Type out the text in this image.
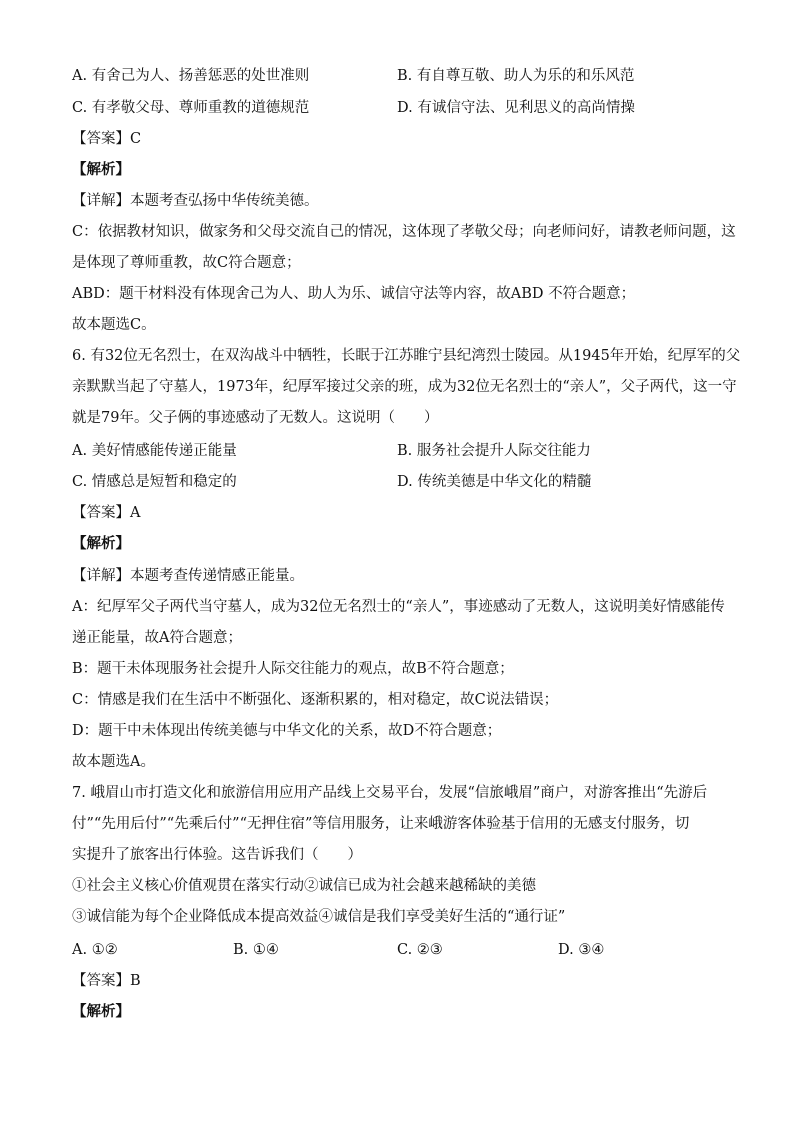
A. 有舍己为人、扬善惩恶的处世准则	B. 有自尊互敬、助人为乐的和乐风范
C. 有孝敬父母、尊师重教的道德规范	D. 有诚信守法、见利思义的高尚情操
【答案】C
【解析】
【详解】本题考查弘扬中华传统美德。
C：依据教材知识，做家务和父母交流自己的情况，这体现了孝敬父母；向老师问好，请教老师问题，这
是体现了尊师重教，故C符合题意；
ABD：题干材料没有体现舍己为人、助人为乐、诚信守法等内容，故ABD 不符合题意；
故本题选C。
6. 有32位无名烈士，在双沟战斗中牺牲，长眠于江苏睢宁县纪湾烈士陵园。从1945年开始，纪厚军的父
亲默默当起了守墓人，1973年，纪厚军接过父亲的班，成为32位无名烈士的“亲人”，父子两代，这一守
就是79年。父子俩的事迹感动了无数人。这说明（　　）
A. 美好情感能传递正能量	B. 服务社会提升人际交往能力
C. 情感总是短暂和稳定的	D. 传统美德是中华文化的精髓
【答案】A
【解析】
【详解】本题考查传递情感正能量。
A：纪厚军父子两代当守墓人，成为32位无名烈士的“亲人”，事迹感动了无数人，这说明美好情感能传
递正能量，故A符合题意；
B：题干未体现服务社会提升人际交往能力的观点，故B不符合题意；
C：情感是我们在生活中不断强化、逐渐积累的，相对稳定，故C说法错误；
D：题干中未体现出传统美德与中华文化的关系，故D不符合题意；
故本题选A。
7. 峨眉山市打造文化和旅游信用应用产品线上交易平台，发展“信旅峨眉”商户，对游客推出“先游后
付”“先用后付”“先乘后付”“无押住宿”等信用服务，让来峨游客体验基于信用的无感支付服务，切
实提升了旅客出行体验。这告诉我们（　　）
①社会主义核心价值观贯在落实行动②诚信已成为社会越来越稀缺的美德
③诚信能为每个企业降低成本提高效益④诚信是我们享受美好生活的“通行证”
A. ①②	B. ①④	C. ②③	D. ③④
【答案】B
【解析】
